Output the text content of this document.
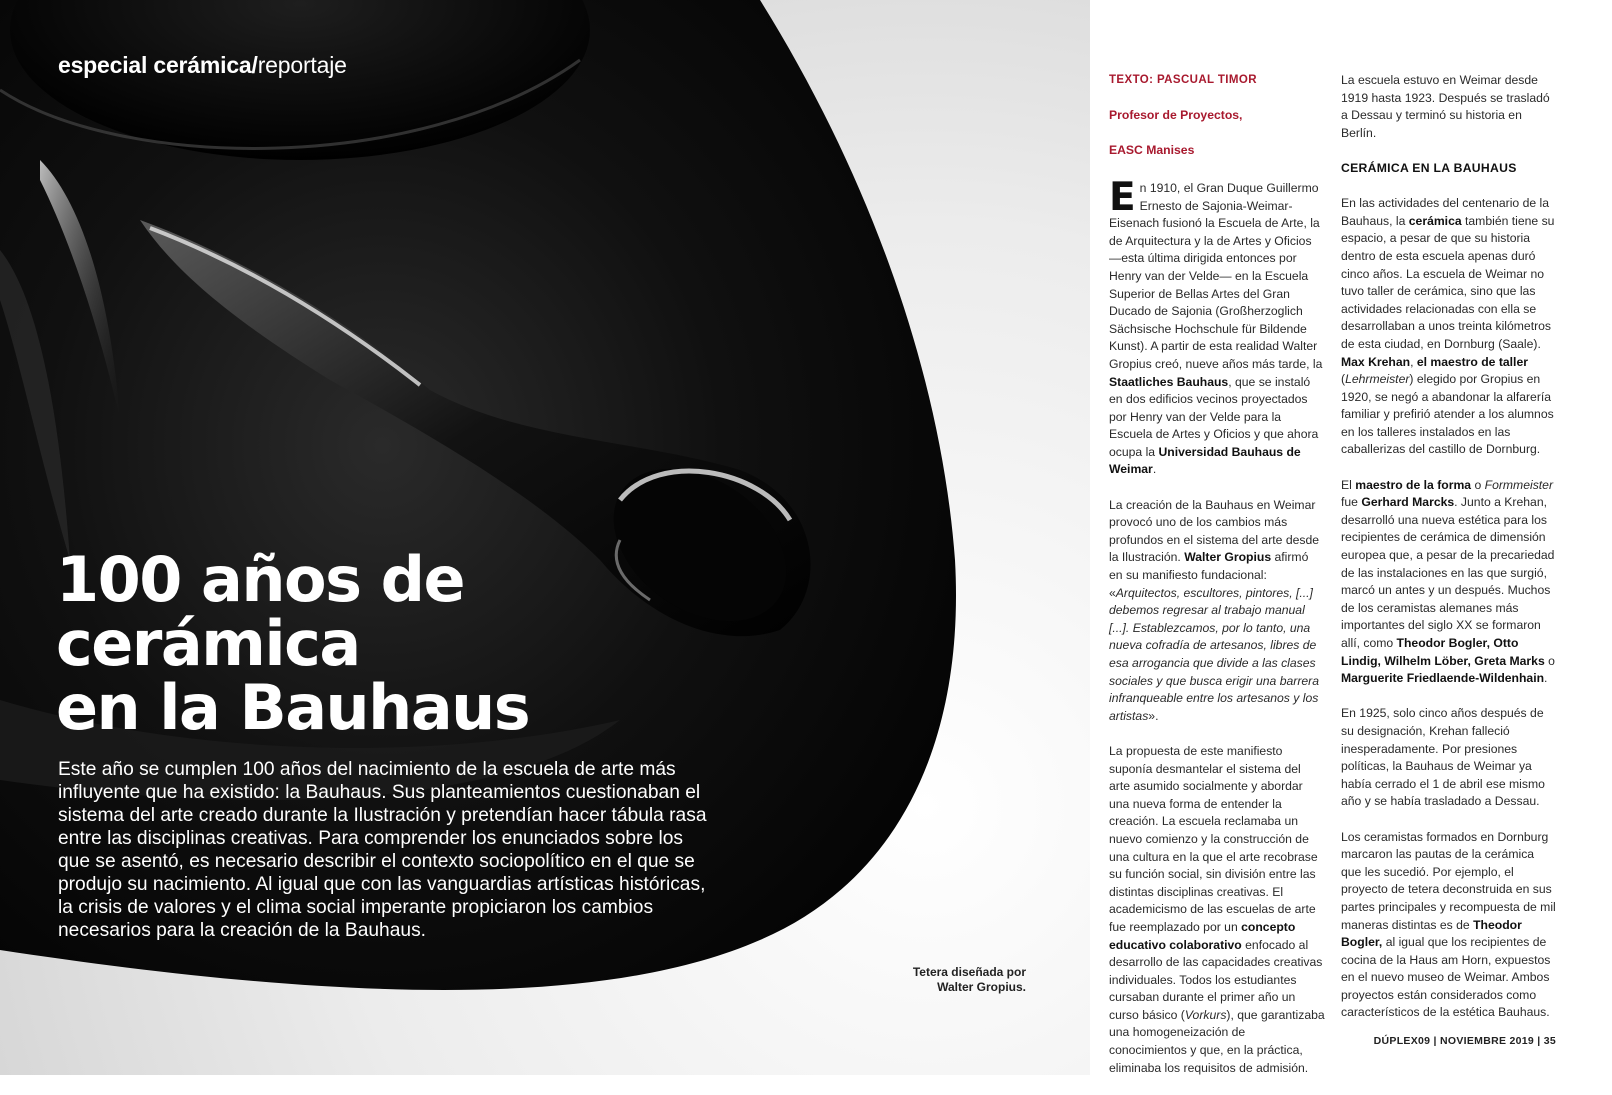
especial cerámica/reportaje
100 años de
cerámica
en la Bauhaus

Este año se cumplen 100 años del nacimiento de la escuela de arte más influyente que ha existido: la Bauhaus. Sus planteamientos cuestionaban el sistema del arte creado durante la Ilustración y pretendían hacer tábula rasa entre las disciplinas creativas. Para comprender los enunciados sobre los que se asentó, es necesario describir el contexto sociopolítico en el que se produjo su nacimiento. Al igual que con las vanguardias artísticas históricas, la crisis de valores y el clima social imperante propiciaron los cambios necesarios para la creación de la Bauhaus.

Tetera diseñada por Walter Gropius.

TEXTO: PASCUAL TIMOR

Profesor de Proyectos,

EASC Manises

En 1910, el Gran Duque Guillermo Ernesto de Sajonia-Weimar-Eisenach fusionó la Escuela de Arte, la de Arquitectura y la de Artes y Oficios —esta última dirigida entonces por Henry van der Velde— en la Escuela Superior de Bellas Artes del Gran Ducado de Sajonia (Großherzoglich Sächsische Hochschule für Bildende Kunst). A partir de esta realidad Walter Gropius creó, nueve años más tarde, la Staatliches Bauhaus, que se instaló en dos edificios vecinos proyectados por Henry van der Velde para la Escuela de Artes y Oficios y que ahora ocupa la Universidad Bauhaus de Weimar.

La creación de la Bauhaus en Weimar provocó uno de los cambios más profundos en el sistema del arte desde la Ilustración. Walter Gropius afirmó en su manifiesto fundacional: «Arquitectos, escultores, pintores, [...] debemos regresar al trabajo manual [...]. Establezcamos, por lo tanto, una nueva cofradía de artesanos, libres de esa arrogancia que divide a las clases sociales y que busca erigir una barrera infranqueable entre los artesanos y los artistas».

La propuesta de este manifiesto suponía desmantelar el sistema del arte asumido socialmente y abordar una nueva forma de entender la creación. La escuela reclamaba un nuevo comienzo y la construcción de una cultura en la que el arte recobrase su función social, sin división entre las distintas disciplinas creativas. El academicismo de las escuelas de arte fue reemplazado por un concepto educativo colaborativo enfocado al desarrollo de las capacidades creativas individuales. Todos los estudiantes cursaban durante el primer año un curso básico (Vorkurs), que garantizaba una homogeneización de conocimientos y que, en la práctica, eliminaba los requisitos de admisión.

La escuela estuvo en Weimar desde 1919 hasta 1923. Después se trasladó a Dessau y terminó su historia en Berlín.

CERÁMICA EN LA BAUHAUS

En las actividades del centenario de la Bauhaus, la cerámica también tiene su espacio, a pesar de que su historia dentro de esta escuela apenas duró cinco años. La escuela de Weimar no tuvo taller de cerámica, sino que las actividades relacionadas con ella se desarrollaban a unos treinta kilómetros de esta ciudad, en Dornburg (Saale). Max Krehan, el maestro de taller (Lehrmeister) elegido por Gropius en 1920, se negó a abandonar la alfarería familiar y prefirió atender a los alumnos en los talleres instalados en las caballerizas del castillo de Dornburg.

El maestro de la forma o Formmeister fue Gerhard Marcks. Junto a Krehan, desarrolló una nueva estética para los recipientes de cerámica de dimensión europea que, a pesar de la precariedad de las instalaciones en las que surgió, marcó un antes y un después. Muchos de los ceramistas alemanes más importantes del siglo XX se formaron allí, como Theodor Bogler, Otto Lindig, Wilhelm Löber, Greta Marks o Marguerite Friedlaende-Wildenhain.

En 1925, solo cinco años después de su designación, Krehan falleció inesperadamente. Por presiones políticas, la Bauhaus de Weimar ya había cerrado el 1 de abril ese mismo año y se había trasladado a Dessau.

Los ceramistas formados en Dornburg marcaron las pautas de la cerámica que les sucedió. Por ejemplo, el proyecto de tetera deconstruida en sus partes principales y recompuesta de mil maneras distintas es de Theodor Bogler, al igual que los recipientes de cocina de la Haus am Horn, expuestos en el nuevo museo de Weimar. Ambos proyectos están considerados como característicos de la estética Bauhaus.

DÚPLEX09 | NOVIEMBRE 2019 | 35
